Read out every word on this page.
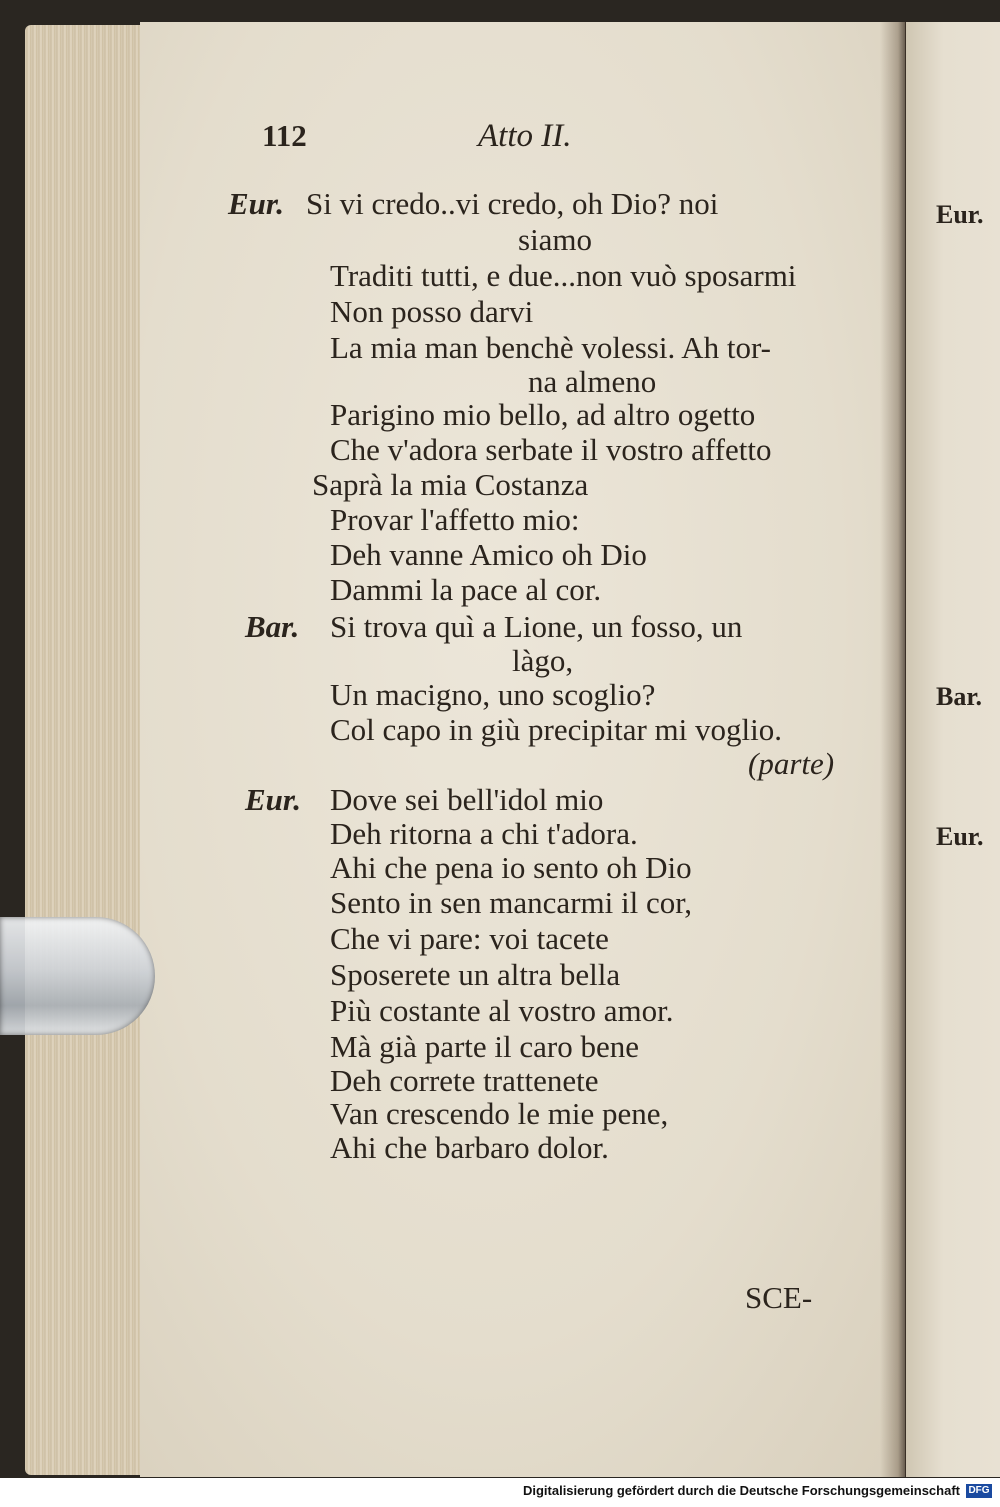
Eur.
Bar.
Eur.
112	Atto II.
Eur. Si vi credo..vi credo, oh Dio? noi
siamo
Traditi tutti, e due...non vuò sposarmi
Non posso darvi
La mia man benchè volessi. Ah tor-
na almeno
Parigino mio bello, ad altro ogetto
Che v'adora serbate il vostro affetto
Saprà la mia Costanza
Provar l'affetto mio:
Deh vanne Amico oh Dio
Dammi la pace al cor.
Bar. Si trova quì a Lione, un fosso, un
làgo,
Un macigno, uno scoglio?
Col capo in giù precipitar mi voglio.
(parte)
Eur. Dove sei bell'idol mio
Deh ritorna a chi t'adora.
Ahi che pena io sento oh Dio
Sento in sen mancarmi il cor,
Che vi pare: voi tacete
Sposerete un altra bella
Più costante al vostro amor.
Mà già parte il caro bene
Deh correte trattenete
Van crescendo le mie pene,
Ahi che barbaro dolor.
SCE-
Digitalisierung gefördert durch die Deutsche Forschungsgemeinschaft DFG
